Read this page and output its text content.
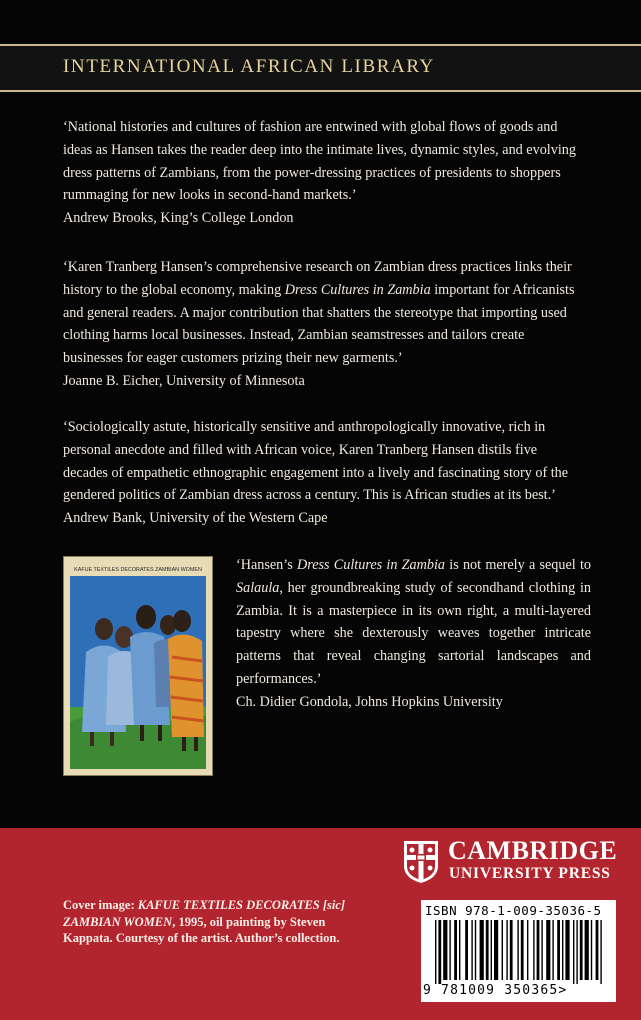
INTERNATIONAL AFRICAN LIBRARY

‘National histories and cultures of fashion are entwined with global flows of goods and ideas as Hansen takes the reader deep into the intimate lives, dynamic styles, and evolving dress patterns of Zambians, from the power-dressing practices of presidents to shoppers rummaging for new looks in second-hand markets.’

Andrew Brooks, King’s College London

‘Karen Tranberg Hansen’s comprehensive research on Zambian dress practices links their history to the global economy, making Dress Cultures in Zambia important for Africanists and general readers. A major contribution that shatters the stereotype that importing used clothing harms local businesses. Instead, Zambian seamstresses and tailors create businesses for eager customers prizing their new garments.’

Joanne B. Eicher, University of Minnesota

‘Sociologically astute, historically sensitive and anthropologically innovative, rich in personal anecdote and filled with African voice, Karen Tranberg Hansen distils five decades of empathetic ethnographic engagement into a lively and fascinating story of the gendered politics of Zambian dress across a century. This is African studies at its best.’

Andrew Bank, University of the Western Cape

KAFUE TEXTILES DECORATES ZAMBIAN WOMEN ‘Hansen’s Dress Cultures in Zambia is not merely a sequel to Salaula, her groundbreaking study of secondhand clothing in Zambia. It is a masterpiece in its own right, a multi-layered tapestry where she dexterously weaves together intricate patterns that reveal changing sartorial landscapes and performances.’

Ch. Didier Gondola, Johns Hopkins University

Cover image: KAFUE TEXTILES DECORATES [sic] ZAMBIAN WOMEN, 1995, oil painting by Steven Kappata. Courtesy of the artist. Author’s collection.
CAMBRIDGE
UNIVERSITY PRESS
ISBN 978-1-009-35036-5
9 781009 350365>
